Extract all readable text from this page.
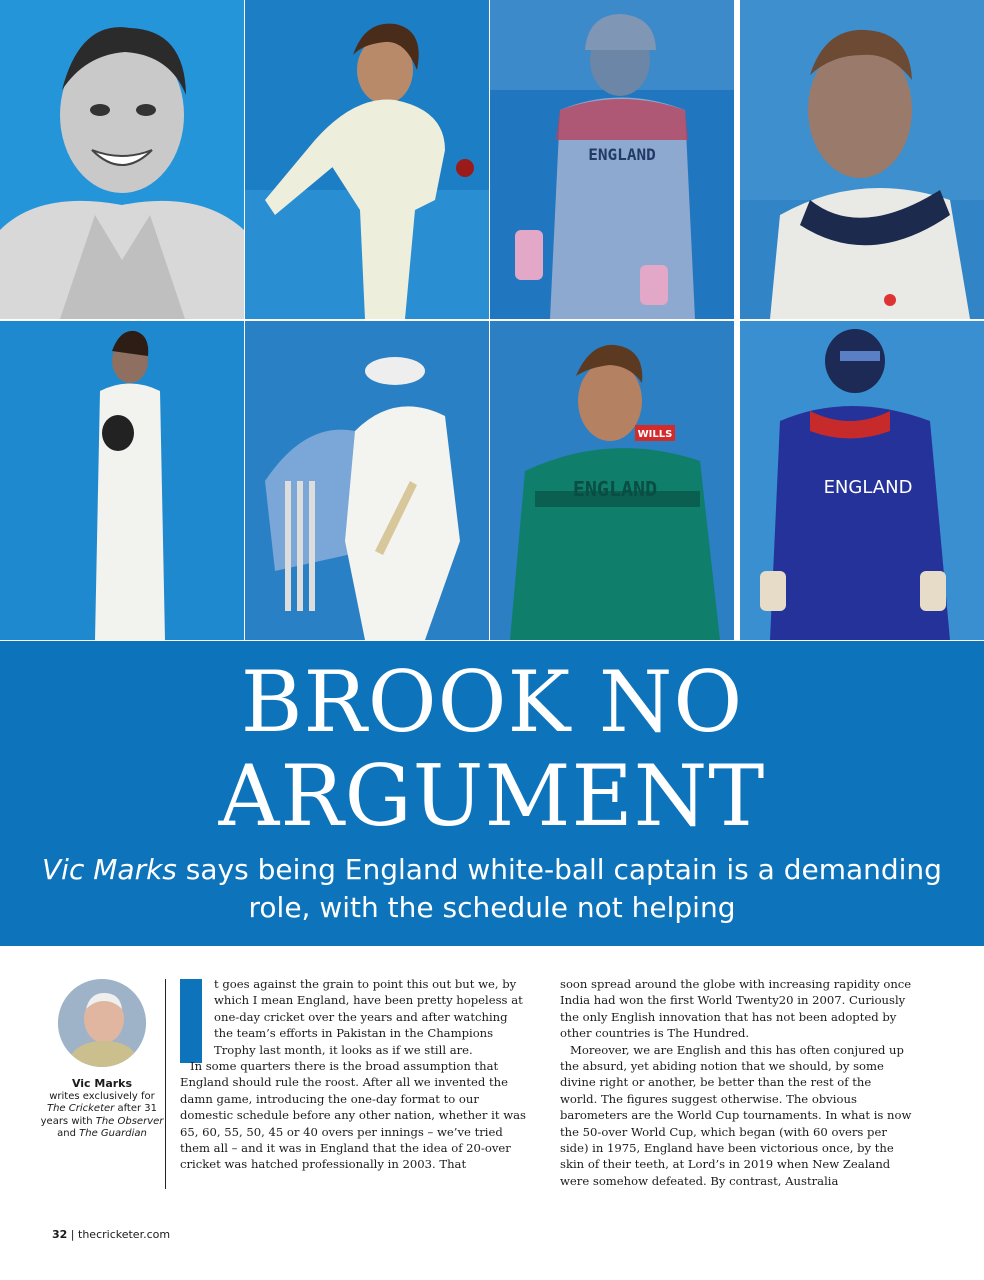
ENGLAND
WILLS
ENGLAND	ENGLAND
BROOK NO
ARGUMENT

Vic Marks says being England white-ball captain is a demanding role, with the schedule not helping

Vic Marks
writes exclusively for The Cricketer after 31 years with The Observer and The Guardian

t goes against the grain to point this out but we, by which I mean England, have been pretty hopeless at one-day cricket over the years and after watching the team’s efforts in Pakistan in the Champions Trophy last month, it looks as if we still are.

In some quarters there is the broad assumption that England should rule the roost. After all we invented the damn game, introducing the one-day format to our domestic schedule before any other nation, whether it was 65, 60, 55, 50, 45 or 40 overs per innings – we’ve tried them all – and it was in England that the idea of 20-over cricket was hatched professionally in 2003. That

soon spread around the globe with increasing rapidity once India had won the first World Twenty20 in 2007. Curiously the only English innovation that has not been adopted by other countries is The Hundred.

Moreover, we are English and this has often conjured up the absurd, yet abiding notion that we should, by some divine right or another, be better than the rest of the world. The figures suggest otherwise. The obvious barometers are the World Cup tournaments. In what is now the 50-over World Cup, which began (with 60 overs per side) in 1975, England have been victorious once, by the skin of their teeth, at Lord’s in 2019 when New Zealand were somehow defeated. By contrast, Australia

32 | thecricketer.com
